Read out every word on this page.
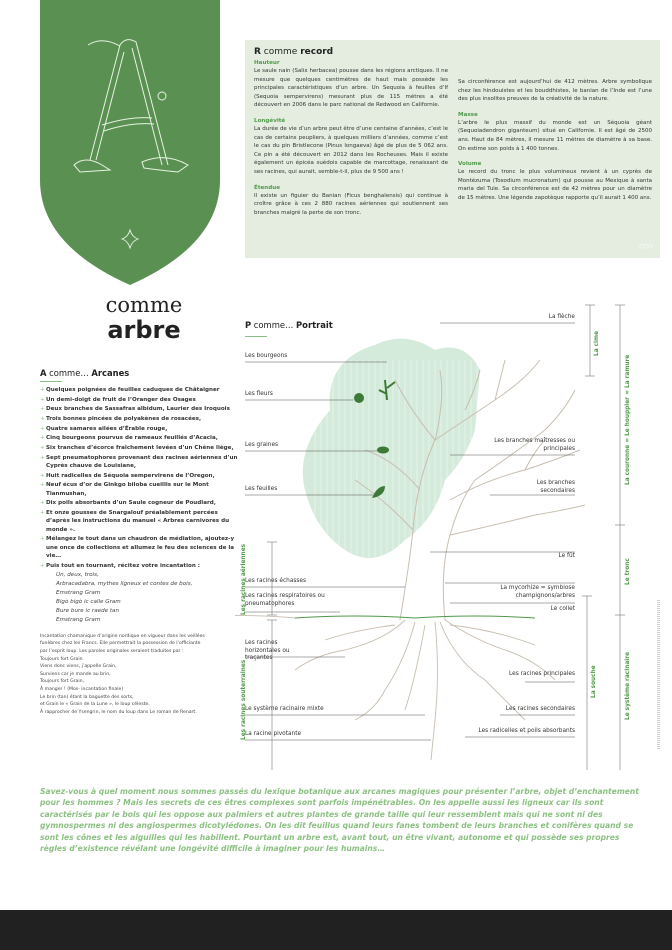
R comme record
Hauteur
Le saule nain (Salix herbacea) pousse dans les régions arctiques. Il ne mesure que quelques centimètres de haut mais possède les principales caractéristiques d’un arbre. Un Sequoia à feuilles d’If (Sequoia sempervirens) mesurant plus de 115 mètres a été découvert en 2006 dans le parc national de Redwood en Californie.
Longévité
La durée de vie d’un arbre peut être d’une centaine d’années, c’est le cas de certains peupliers, à quelques milliers d’années, comme c’est le cas du pin Bristlecone (Pinus longaeva) âgé de plus de 5 062 ans. Ce pin a été découvert en 2012 dans les Rocheuses. Mais il existe également un épicéa suédois capable de marcottage, renaissant de ses racines, qui aurait, semble-t-il, plus de 9 500 ans !
Étendue
Il existe un figuier du Banian (Ficus benghalensis) qui continue à croître grâce à ces 2 880 racines aériennes qui soutiennent ses branches malgré la perte de son tronc.
Sa circonférence est aujourd’hui de 412 mètres. Arbre symbolique chez les hindouistes et les bouddhistes, le banian de l’Inde est l’une des plus insolites preuves de la créativité de la nature.
Masse
L’arbre le plus massif du monde est un Séquoia géant (Sequoiadendron giganteum) situé en Californie. Il est âgé de 2500 ans. Haut de 84 mètres, il mesure 11 mètres de diamètre à sa base. On estime son poids à 1 400 tonnes.
Volume
Le record du tronc le plus volumineux revient à un cyprès de Montézuma (Toxodium mucronatum) qui pousse au Mexique à santa maria del Tule. Sa circonférence est de 42 mètres pour un diamètre de 15 mètres. Une légende zapotèque rapporte qu’il aurait 1 400 ans.
◇◇◇
comme
arbre
A comme… Arcanes
+ Quelques poignées de feuilles caduques de Châtaigner
+ Un demi-doigt de fruit de l’Oranger des Osages
+ Deux branches de Sassafras albidum, Laurier des Iroquois
+ Trois bonnes pincées de polyakènes de rosacées,
+ Quatre samares ailées d’Érable rouge,
+ Cinq bourgeons pourvus de rameaux feuillés d’Acacia,
+ Six tranches d’écorce fraîchement levées d’un Chêne liège,
+ Sept pneumatophores provenant des racines aériennes d’un Cyprès chauve de Louisiane,
+ Huit radicelles de Séquoia sempervirens de l’Oregon,
+ Neuf écus d’or de Ginkgo biloba cueillis sur le Mont Tianmushan,
+ Dix poils absorbants d’un Saule cogneur de Poudlard,
+ Et onze gousses de Snargalouf préalablement percées d’après les instructions du manuel « Arbres carnivores du monde ».
+ Mélangez le tout dans un chaudron de médiation, ajoutez-y une once de collections et allumez le feu des sciences de la vie…
+ Puis tout en tournant, récitez votre incantation :
Un, deux, trois,
Arbracadabra, mythes ligneux et contes de bois,
Emstrang Gram
Bigò bigò ic calle Gram
Bure bure ic raede tan
Emstrang Gram
Incantation chamanique d’origine nordique en vigueur dans les veillées
funèbres chez les Francs. Elle permettrait la possession de l’officiante
par l’esprit loup. Les paroles originales seraient traduites par :
Toujours fort Grain
Viens donc viens, j’appelle Grain,
Surviens car je mande au brin,
Toujours fort Grain,
À manger ! (Mos- incantation finale)
Le brin (tan) étant la baguette des sorts,
et Grain le « Grain de la Lune », le loup céleste.
À rapprocher de Ysengrin, le nom du loup dans Le roman de Renart.
P comme… Portrait
Les bourgeons
Les fleurs
Les graines
Les feuilles
Les racines échasses
Les racines respiratoires ou pneumatophores
Les racines horizontales ou traçantes
Le système racinaire mixte
La racine pivotante
La flèche
Les branches maîtresses ou principales
Les branches secondaires
Le fût
La mycorhize = symbiose champignons/arbres
Le collet
Les racines principales
Les racines secondaires
Les radicelles et poils absorbants
La cime
La couronne = Le houppier = La ramure
Le tronc
La souche	Le système racinaire
Les racines aériennes
Les racines souterraines

Savez-vous à quel moment nous sommes passés du lexique botanique aux arcanes magiques pour présenter l’arbre, objet d’enchantement pour les hommes ? Mais les secrets de ces êtres complexes sont parfois impénétrables. On les appelle aussi les ligneux car ils sont caractérisés par le bois qui les oppose aux palmiers et autres plantes de grande taille qui leur ressemblent mais qui ne sont ni des gymnospermes ni des angiospermes dicotylédones. On les dit feuillus quand leurs fanes tombent de leurs branches et conifères quand se sont les cônes et les aiguilles qui les habillent. Pourtant un arbre est, avant tout, un être vivant, autonome et qui possède ses propres règles d’existence révélant une longévité difficile à imaginer pour les humains…
